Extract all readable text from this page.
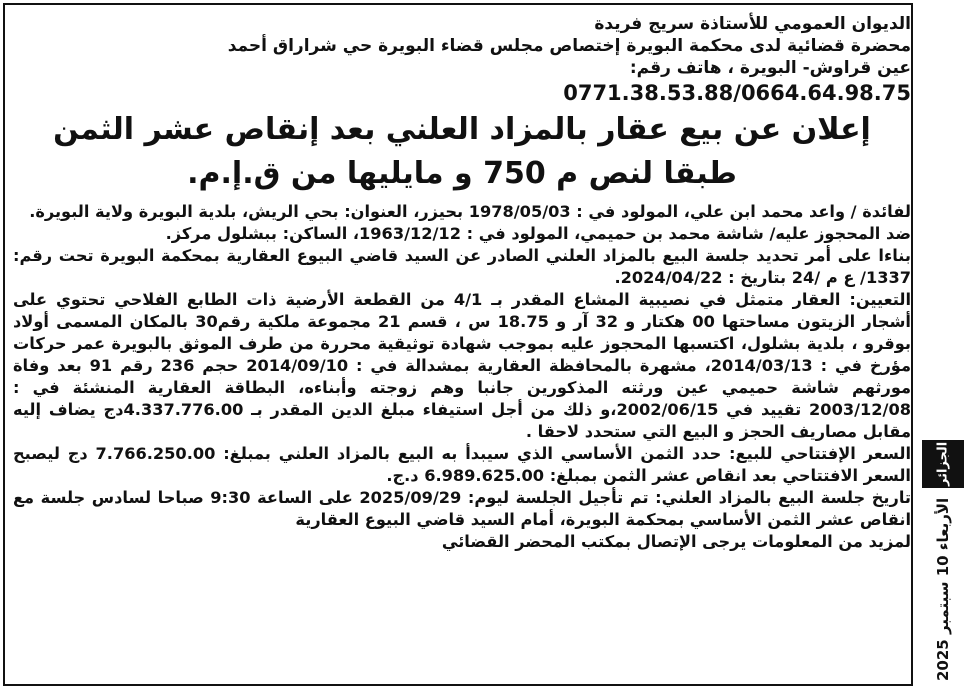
الديوان العمومي للأستاذة سريج فريدة
محضرة قضائية لدى محكمة البويرة إختصاص مجلس قضاء البويرة حي شراراق أحمد
عين قراوش- البويرة ، هاتف رقم:
0771.38.53.88/0664.64.98.75
إعلان عن بيع عقار بالمزاد العلني بعد إنقاص عشر الثمن
طبقا لنص م 750 و مايليها من ق.إ.م.

لفائدة / واعد محمد ابن علي، المولود في : 1978/05/03 بحيزر، العنوان: بحي الريش، بلدية البويرة ولاية البويرة.

ضد المحجوز عليه/ شاشة محمد بن حميمي، المولود في : 1963/12/12، الساكن: ببشلول مركز.

بناءا على أمر تحديد جلسة البيع بالمزاد العلني الصادر عن السيد قاضي البيوع العقارية بمحكمة البويرة تحت رقم: 1337/ ع م /24 بتاريخ : 2024/04/22.

التعيين: العقار متمثل في نصيبية المشاع المقدر بـ 4/1 من القطعة الأرضية ذات الطابع الفلاحي تحتوي على أشجار الزيتون مساحتها 00 هكتار و 32 آر و 18.75 س ، قسم 21 مجموعة ملكية رقم30 بالمكان المسمى أولاد بوقرو ، بلدية بشلول، اكتسبها المحجوز عليه بموجب شهادة توثيقية محررة من طرف الموثق بالبويرة عمر حركات مؤرخ في : 2014/03/13، مشهرة بالمحافظة العقارية بمشدالة في : 2014/09/10 حجم 236 رقم 91 بعد وفاة مورثهم شاشة حميمي عين ورثته المذكورين جانبا وهم زوجته وأبناءه، البطاقة العقارية المنشئة في : 2003/12/08 تقييد في 2002/06/15،و ذلك من أجل استيفاء مبلغ الدين المقدر بـ 4.337.776.00دج يضاف إليه مقابل مصاريف الحجز و البيع التي ستحدد لاحقا .

السعر الإفتتاحي للبيع: حدد الثمن الأساسي الذي سيبدأ به البيع بالمزاد العلني بمبلغ: 7.766.250.00 دج ليصبح السعر الافتتاحي بعد انقاص عشر الثمن بمبلغ: 6.989.625.00 د.ج.

تاريخ جلسة البيع بالمزاد العلني: تم تأجيل الجلسة ليوم: 2025/09/29 على الساعة 9:30 صباحا لسادس جلسة مع انقاص عشر الثمن الأساسي بمحكمة البويرة، أمام السيد قاضي البيوع العقارية

لمزيد من المعلومات يرجى الإتصال بمكتب المحضر القضائي

الجزائر
الأربعاء 10 سبتمبر 2025
